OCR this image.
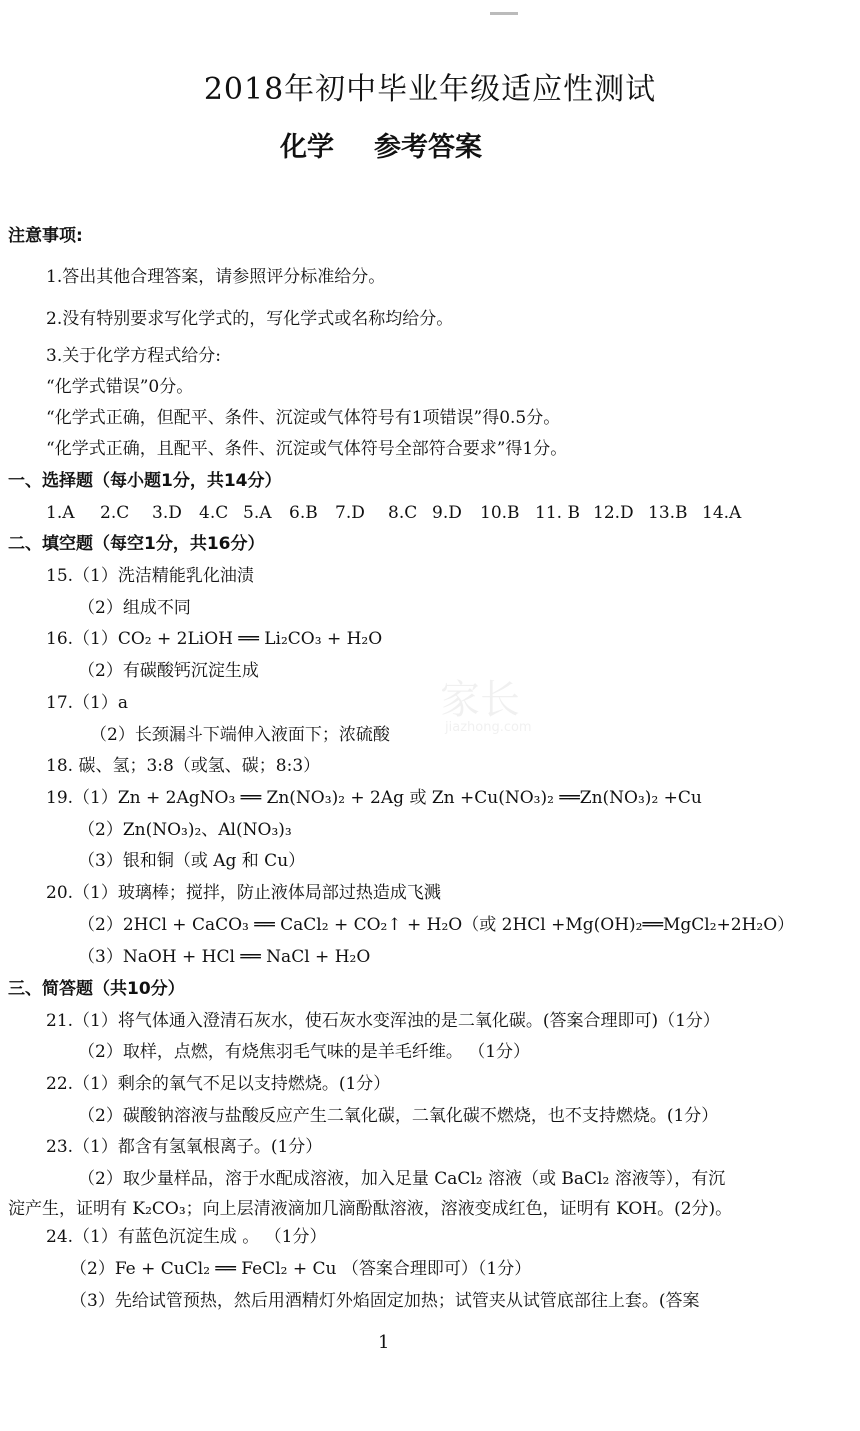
家长
jiazhong.com
2018年初中毕业年级适应性测试
化学 参考答案
注意事项:
1.答出其他合理答案，请参照评分标准给分。
2.没有特别要求写化学式的，写化学式或名称均给分。
3.关于化学方程式给分:
“化学式错误”0分。
“化学式正确，但配平、条件、沉淀或气体符号有1项错误”得0.5分。
“化学式正确，且配平、条件、沉淀或气体符号全部符合要求”得1分。
一、选择题（每小题1分，共14分）
1.A 2.C 3.D 4.C 5.A 6.B 7.D 8.C 9.D 10.B 11. B 12.D 13.B 14.A
二、填空题（每空1分，共16分）
15.（1）洗洁精能乳化油渍
（2）组成不同
16.（1）CO₂ + 2LiOH ══ Li₂CO₃ + H₂O
（2）有碳酸钙沉淀生成
17.（1）a
（2）长颈漏斗下端伸入液面下；浓硫酸
18. 碳、氢；3:8（或氢、碳；8:3）
19.（1）Zn + 2AgNO₃ ══ Zn(NO₃)₂ + 2Ag 或 Zn +Cu(NO₃)₂ ══Zn(NO₃)₂ +Cu
（2）Zn(NO₃)₂、Al(NO₃)₃
（3）银和铜（或 Ag 和 Cu）
20.（1）玻璃棒；搅拌，防止液体局部过热造成飞溅
（2）2HCl + CaCO₃ ══ CaCl₂ + CO₂↑ + H₂O（或 2HCl +Mg(OH)₂══MgCl₂+2H₂O）
（3）NaOH + HCl ══ NaCl + H₂O
三、简答题（共10分）
21.（1）将气体通入澄清石灰水，使石灰水变浑浊的是二氧化碳。(答案合理即可)（1分）
（2）取样，点燃，有烧焦羽毛气味的是羊毛纤维。 （1分）
22.（1）剩余的氧气不足以支持燃烧。(1分）
（2）碳酸钠溶液与盐酸反应产生二氧化碳，二氧化碳不燃烧，也不支持燃烧。(1分）
23.（1）都含有氢氧根离子。(1分）
（2）取少量样品，溶于水配成溶液，加入足量 CaCl₂ 溶液（或 BaCl₂ 溶液等），有沉
淀产生，证明有 K₂CO₃；向上层清液滴加几滴酚酞溶液，溶液变成红色，证明有 KOH。(2分)。
24.（1）有蓝色沉淀生成 。 （1分）
（2）Fe + CuCl₂ ══ FeCl₂ + Cu （答案合理即可）（1分）
（3）先给试管预热，然后用酒精灯外焰固定加热；试管夹从试管底部往上套。(答案
1
